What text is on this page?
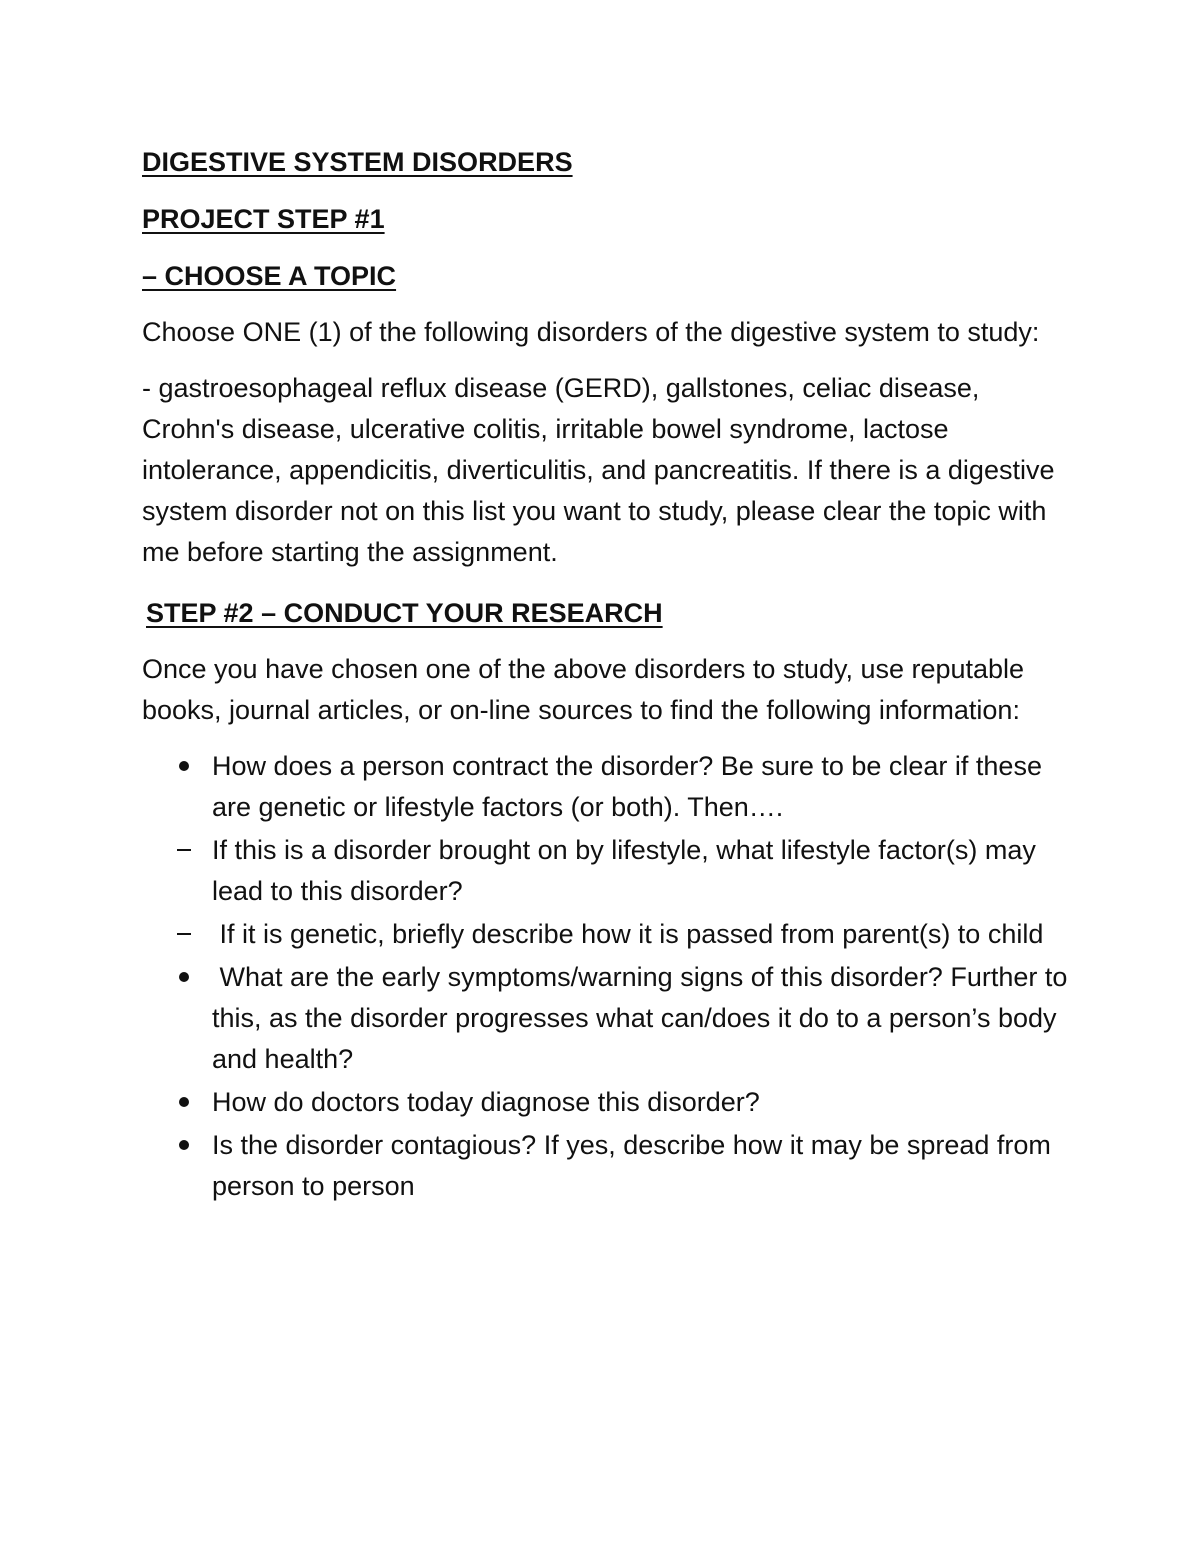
DIGESTIVE SYSTEM DISORDERS

PROJECT STEP #1

– CHOOSE A TOPIC

Choose ONE (1) of the following disorders of the digestive system to study:

- gastroesophageal reflux disease (GERD), gallstones, celiac disease, Crohn's disease, ulcerative colitis, irritable bowel syndrome, lactose intolerance, appendicitis, diverticulitis, and pancreatitis. If there is a digestive system disorder not on this list you want to study, please clear the topic with me before starting the assignment.

STEP #2 – CONDUCT YOUR RESEARCH

Once you have chosen one of the above disorders to study, use reputable books, journal articles, or on-line sources to find the following information:

How does a person contract the disorder? Be sure to be clear if these are genetic or lifestyle factors (or both). Then….
If this is a disorder brought on by lifestyle, what lifestyle factor(s) may lead to this disorder?
If it is genetic, briefly describe how it is passed from parent(s) to child
What are the early symptoms/warning signs of this disorder? Further to this, as the disorder progresses what can/does it do to a person’s body and health?
How do doctors today diagnose this disorder?
Is the disorder contagious? If yes, describe how it may be spread from person to person
